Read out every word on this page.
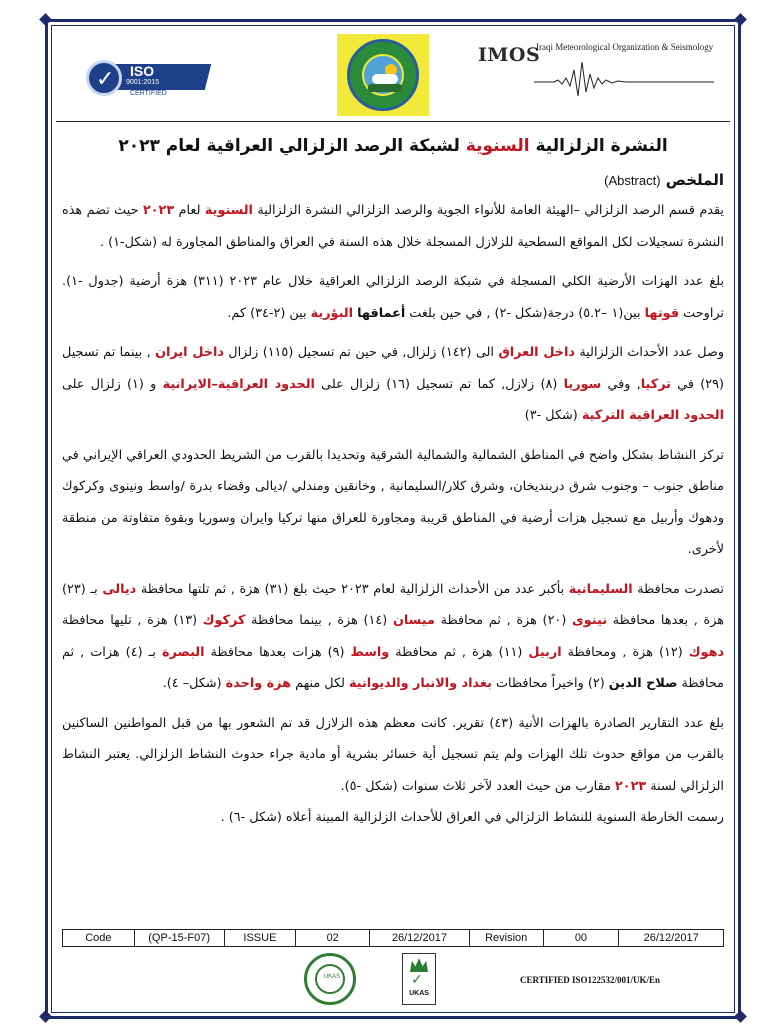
✓ ISO
9001:2015
CERTIFIED
IMOS
Iraqi Meteorological Organization & Seismology
النشرة الزلزالية السنوية لشبكة الرصد الزلزالي العراقية لعام ٢٠٢٣
الملخص (Abstract)

يقدم قسم الرصد الزلزالي –الهيئة العامة للأنواء الجوية والرصد الزلزالي النشرة الزلزالية السنوية لعام ٢٠٢٣ حيث تضم هذه النشرة تسجيلات لكل المواقع السطحية للزلازل المسجلة خلال هذه السنة في العراق والمناطق المجاورة له (شكل-١) .

بلغ عدد الهزات الأرضية الكلي المسجلة في شبكة الرصد الزلزالي العراقية خلال عام ٢٠٢٣ (٣١١) هزة أرضية (جدول -١). تراوحت قوتها بين(١ –٥.٢) درجة(شكل -٢) , في حين بلغت أعماقها البؤرية بين (٢-٣٤) كم.

وصل عدد الأحداث الزلزالية داخل العراق الى (١٤٢) زلزال, في حين تم تسجيل (١١٥) زلزال داخل ايران , بينما تم تسجيل (٢٩) في تركيا, وفي سوريا (٨) زلازل, كما تم تسجيل (١٦) زلزال على الحدود العراقية–الايرانية و (١) زلزال على الحدود العراقية التركية (شكل -٣)

تركز النشاط بشكل واضح في المناطق الشمالية والشمالية الشرقية وتحديدا بالقرب من الشريط الحدودي العراقي الإيراني في مناطق جنوب – وجنوب شرق دربنديخان، وشرق كلار/السليمانية , وخانقين ومندلي /ديالى وقضاء بدرة /واسط ونينوى وكركوك ودهوك وأربيل مع تسجيل هزات أرضية في المناطق قريبة ومجاورة للعراق منها تركيا وايران وسوريا وبقوة متفاوتة من منطقة لأخرى.

تصدرت محافظة السليمانية بأكبر عدد من الأحداث الزلزالية لعام ٢٠٢٣ حيث بلغ (٣١) هزة , ثم تلتها محافظة ديالى بـ (٢٣) هزة , بعدها محافظة نينوى (٢٠) هزة , ثم محافظة ميسان (١٤) هزة , بينما محافظة كركوك (١٣) هزة , تليها محافظة دهوك (١٢) هزة , ومحافظة اربيل (١١) هزة , ثم محافظة واسط (٩) هزات بعدها محافظة البصرة بـ (٤) هزات , ثم محافظة صلاح الدين (٢) واخيراً محافظات بغداد والانبار والديوانية لكل منهم هزة واحدة (شكل– ٤).

بلغ عدد التقارير الصادرة بالهزات الأنية (٤٣) تقرير. كانت معظم هذه الزلازل قد تم الشعور بها من قبل المواطنين الساكنين بالقرب من مواقع حدوث تلك الهزات ولم يتم تسجيل أية خسائر بشرية أو مادية جراء حدوث النشاط الزلزالي. يعتبر النشاط الزلزالي لسنة ٢٠٢٣ مقارب من حيث العدد لآخر ثلاث سنوات (شكل -٥).
رسمت الخارطة السنوية للنشاط الزلزالي في العراق للأحداث الزلزالية المبينة أعلاه (شكل -٦) .

Code	(QP-15-F07)	ISSUE	02	26/12/2017	Revision	00	26/12/2017
UKAS	✓
UKAS
CERTIFIED ISO122532/001/UK/En
